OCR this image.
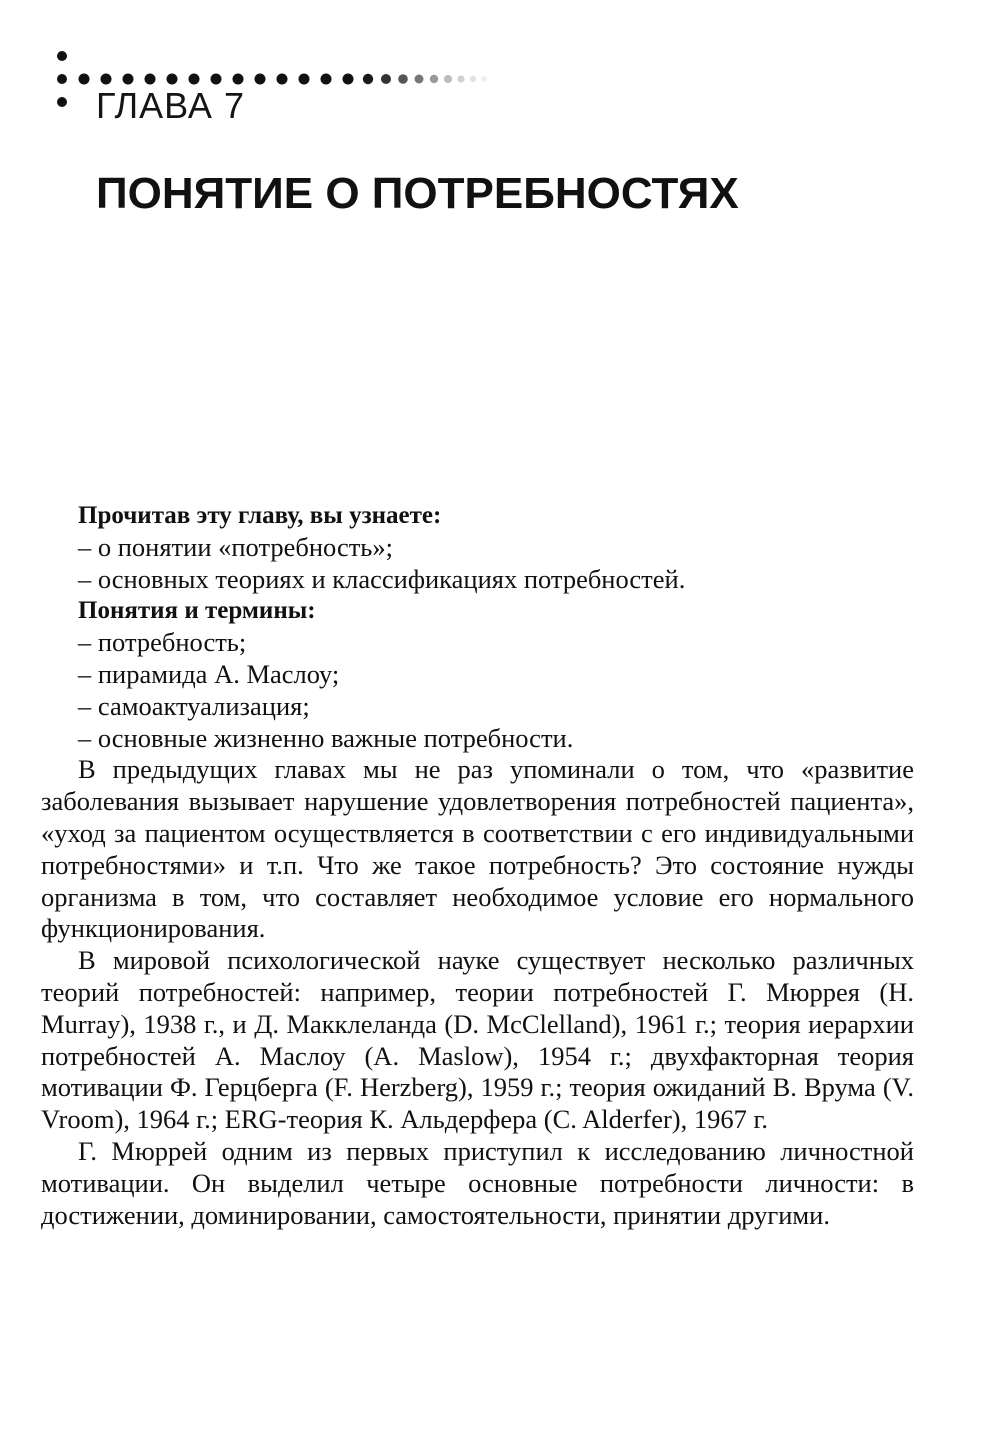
ГЛАВА 7
ПОНЯТИЕ О ПОТРЕБНОСТЯХ
Прочитав эту главу, вы узнаете:
– о понятии «потребность»;
– основных теориях и классификациях потребностей.
Понятия и термины:
– потребность;
– пирамида А. Маслоу;
– самоактуализация;
– основные жизненно важные потребности.

В предыдущих главах мы не раз упоминали о том, что «развитие заболевания вызывает нарушение удовлетворения потребностей пациента», «уход за пациентом осуществляется в соответствии с его индивидуальными потребностями» и т.п. Что же такое потребность? Это состояние нужды организма в том, что составляет необходимое условие его нормального функционирования.

В мировой психологической науке существует несколько различных теорий потребностей: например, теории потребностей Г. Мюррея (H. Murray), 1938 г., и Д. Макклеланда (D. McClelland), 1961 г.; теория иерархии потребностей А. Маслоу (A. Maslow), 1954 г.; двухфакторная теория мотивации Ф. Герцберга (F. Herzberg), 1959 г.; теория ожиданий В. Врума (V. Vroom), 1964 г.; ERG-теория К. Альдерфера (C. Alderfer), 1967 г.

Г. Мюррей одним из первых приступил к исследованию личностной мотивации. Он выделил четыре основные потребности личности: в достижении, доминировании, самостоятельности, принятии другими.
